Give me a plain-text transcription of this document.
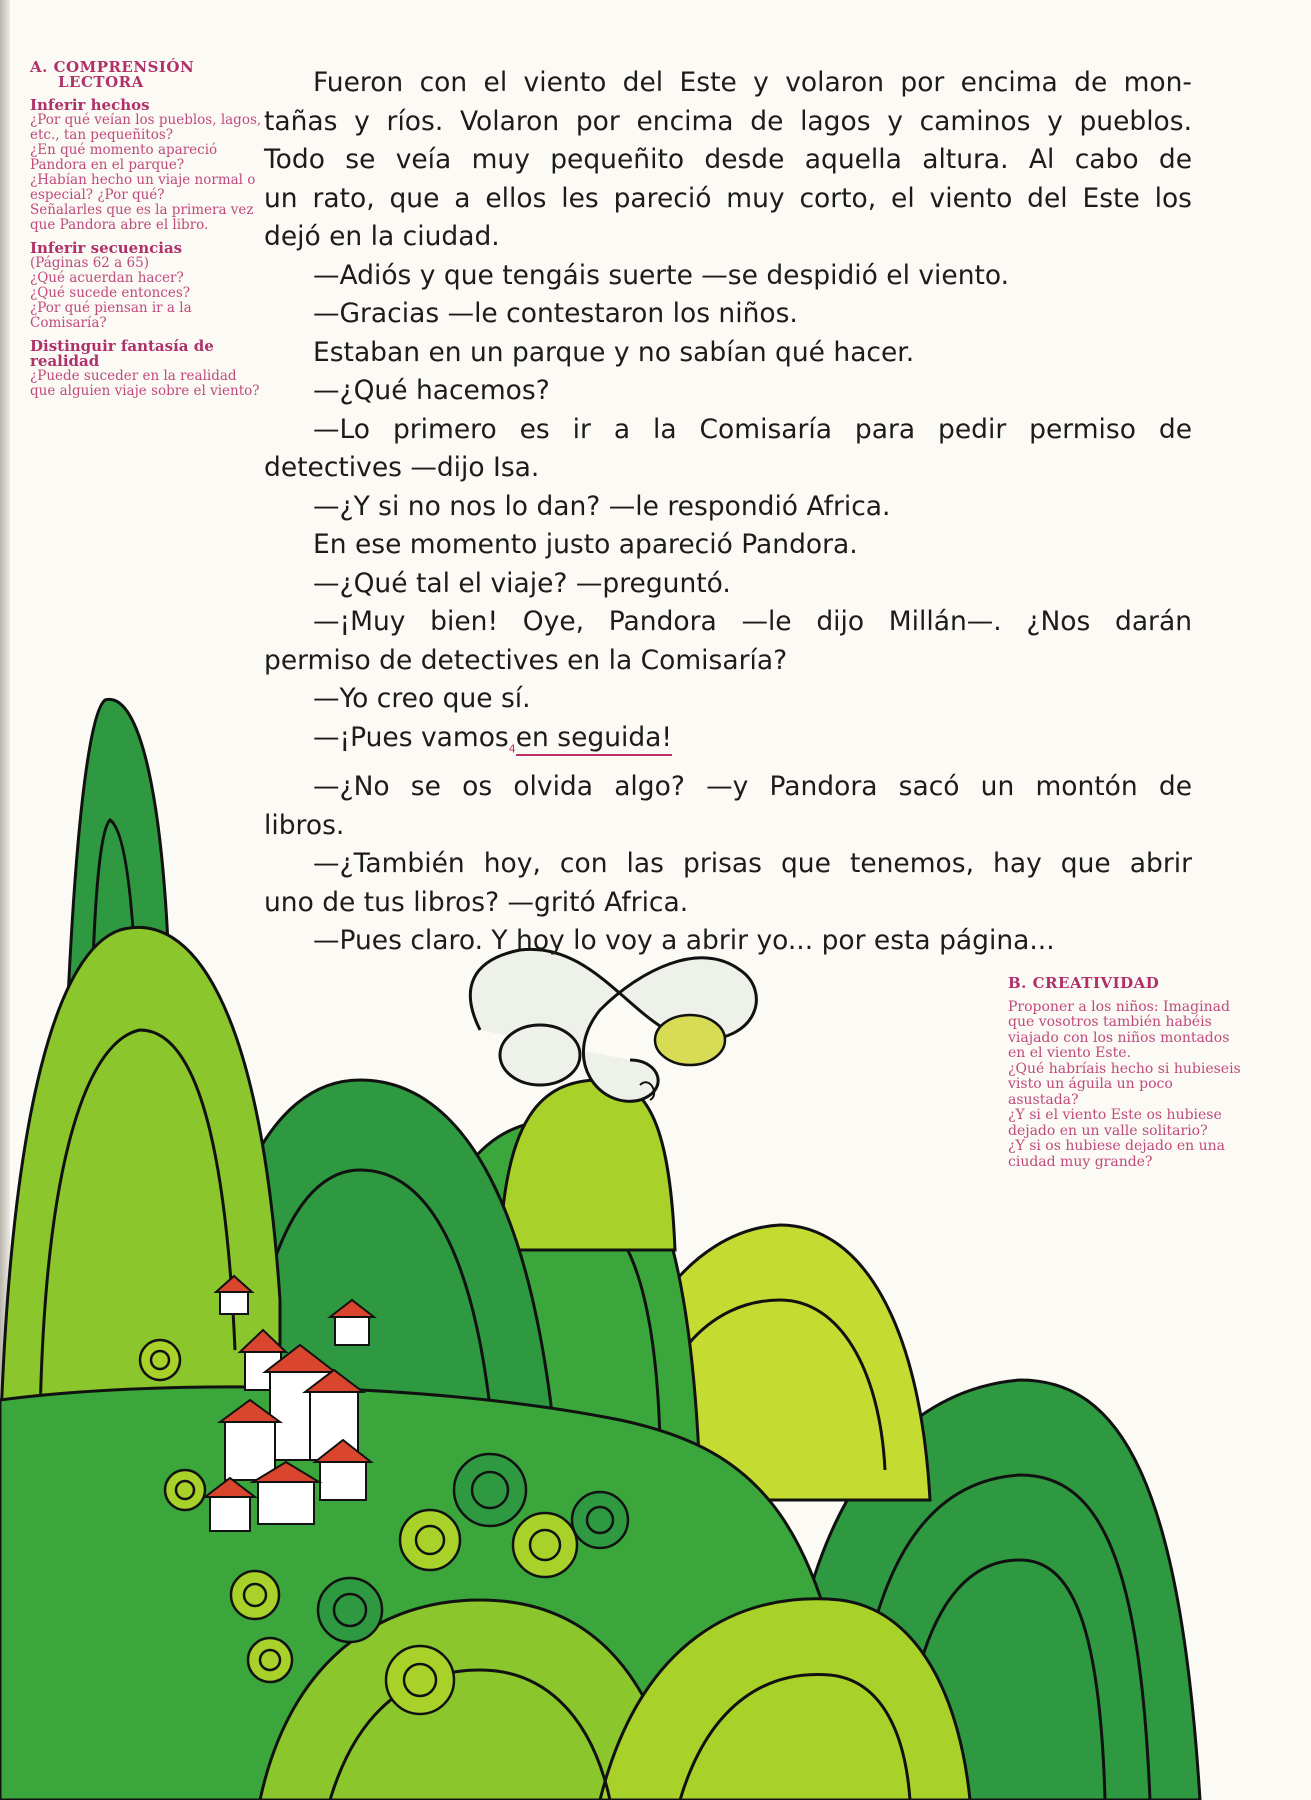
A. COMPRENSIÓN
LECTORA
Inferir hechos
¿Por qué veían los pueblos, lagos, etc., tan pequeñitos?
¿En qué momento apareció Pandora en el parque?
¿Habían hecho un viaje normal o especial? ¿Por qué?
Señalarles que es la primera vez que Pandora abre el libro.
Inferir secuencias
(Páginas 62 a 65)
¿Qué acuerdan hacer?
¿Qué sucede entonces?
¿Por qué piensan ir a la Comisaría?
Distinguir fantasía de realidad
¿Puede suceder en la realidad que alguien viaje sobre el viento?
B. CREATIVIDAD
Proponer a los niños: Imaginad que vosotros también habéis viajado con los niños montados en el viento Este.
¿Qué habríais hecho si hubieseis visto un águila un poco asustada?
¿Y si el viento Este os hubiese dejado en un valle solitario?
¿Y si os hubiese dejado en una ciudad muy grande?

Fueron con el viento del Este y volaron por encima de mon-

tañas y ríos. Volaron por encima de lagos y caminos y pueblos.

Todo se veía muy pequeñito desde aquella altura. Al cabo de

un rato, que a ellos les pareció muy corto, el viento del Este los

dejó en la ciudad.

—Adiós y que tengáis suerte —se despidió el viento.

—Gracias —le contestaron los niños.

Estaban en un parque y no sabían qué hacer.

—¿Qué hacemos?

—Lo primero es ir a la Comisaría para pedir permiso de

detectives —dijo Isa.

—¿Y si no nos lo dan? —le respondió Africa.

En ese momento justo apareció Pandora.

—¿Qué tal el viaje? —preguntó.

—¡Muy bien! Oye, Pandora —le dijo Millán—. ¿Nos darán

permiso de detectives en la Comisaría?

—Yo creo que sí.

—¡Pues vamos$_4$en seguida!

—¿No se os olvida algo? —y Pandora sacó un montón de

libros.

—¿También hoy, con las prisas que tenemos, hay que abrir

uno de tus libros? —gritó Africa.

—Pues claro. Y hoy lo voy a abrir yo... por esta página...
